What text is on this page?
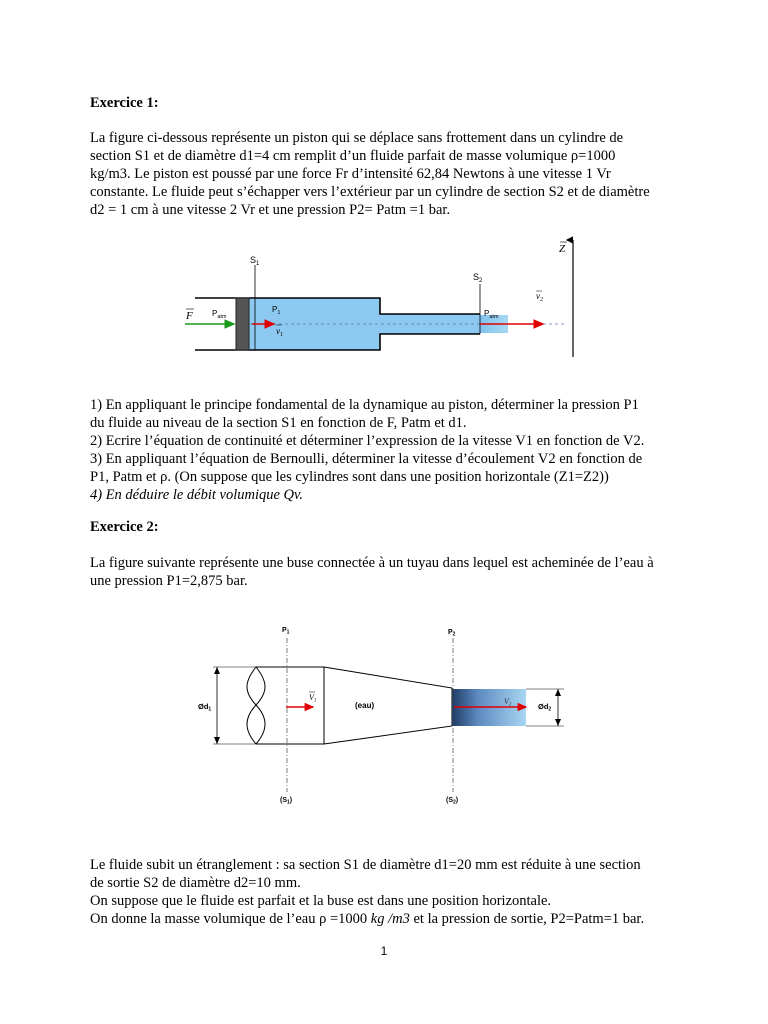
Exercice 1:

La figure ci-dessous représente un piston qui se déplace sans frottement dans un cylindre de
section S1 et de diamètre d1=4 cm remplit d’un fluide parfait de masse volumique ρ=1000
kg/m3. Le piston est poussé par une force Fr d’intensité 62,84 Newtons à une vitesse 1 Vr
constante. Le fluide peut s’échapper vers l’extérieur par un cylindre de section S2 et de diamètre
d2 = 1 cm à une vitesse 2 Vr et une pression P2= Patm =1 bar.

$S_1$
$S_2$
Z
F $P_{atm}$
$P_1$
$v_1$
$P_{atm}$
$v_2$
1) En appliquant le principe fondamental de la dynamique au piston, déterminer la pression P1
du fluide au niveau de la section S1 en fonction de F, Patm et d1.
2) Ecrire l’équation de continuité et déterminer l’expression de la vitesse V1 en fonction de V2.
3) En appliquant l’équation de Bernoulli, déterminer la vitesse d’écoulement V2 en fonction de
P1, Patm et ρ. (On suppose que les cylindres sont dans une position horizontale (Z1=Z2))
4) En déduire le débit volumique Qv.

Exercice 2:

La figure suivante représente une buse connectée à un tuyau dans lequel est acheminée de l’eau à
une pression P1=2,875 bar.

$P_1$	$P_2$
$Ød_1$	$Ød_2$
V1	V2
(eau)
$(S_1)$	$(S_2)$
Le fluide subit un étranglement : sa section S1 de diamètre d1=20 mm est réduite à une section
de sortie S2 de diamètre d2=10 mm.
On suppose que le fluide est parfait et la buse est dans une position horizontale.
On donne la masse volumique de l’eau ρ =1000 kg /m3 et la pression de sortie, P2=Patm=1 bar.
1
